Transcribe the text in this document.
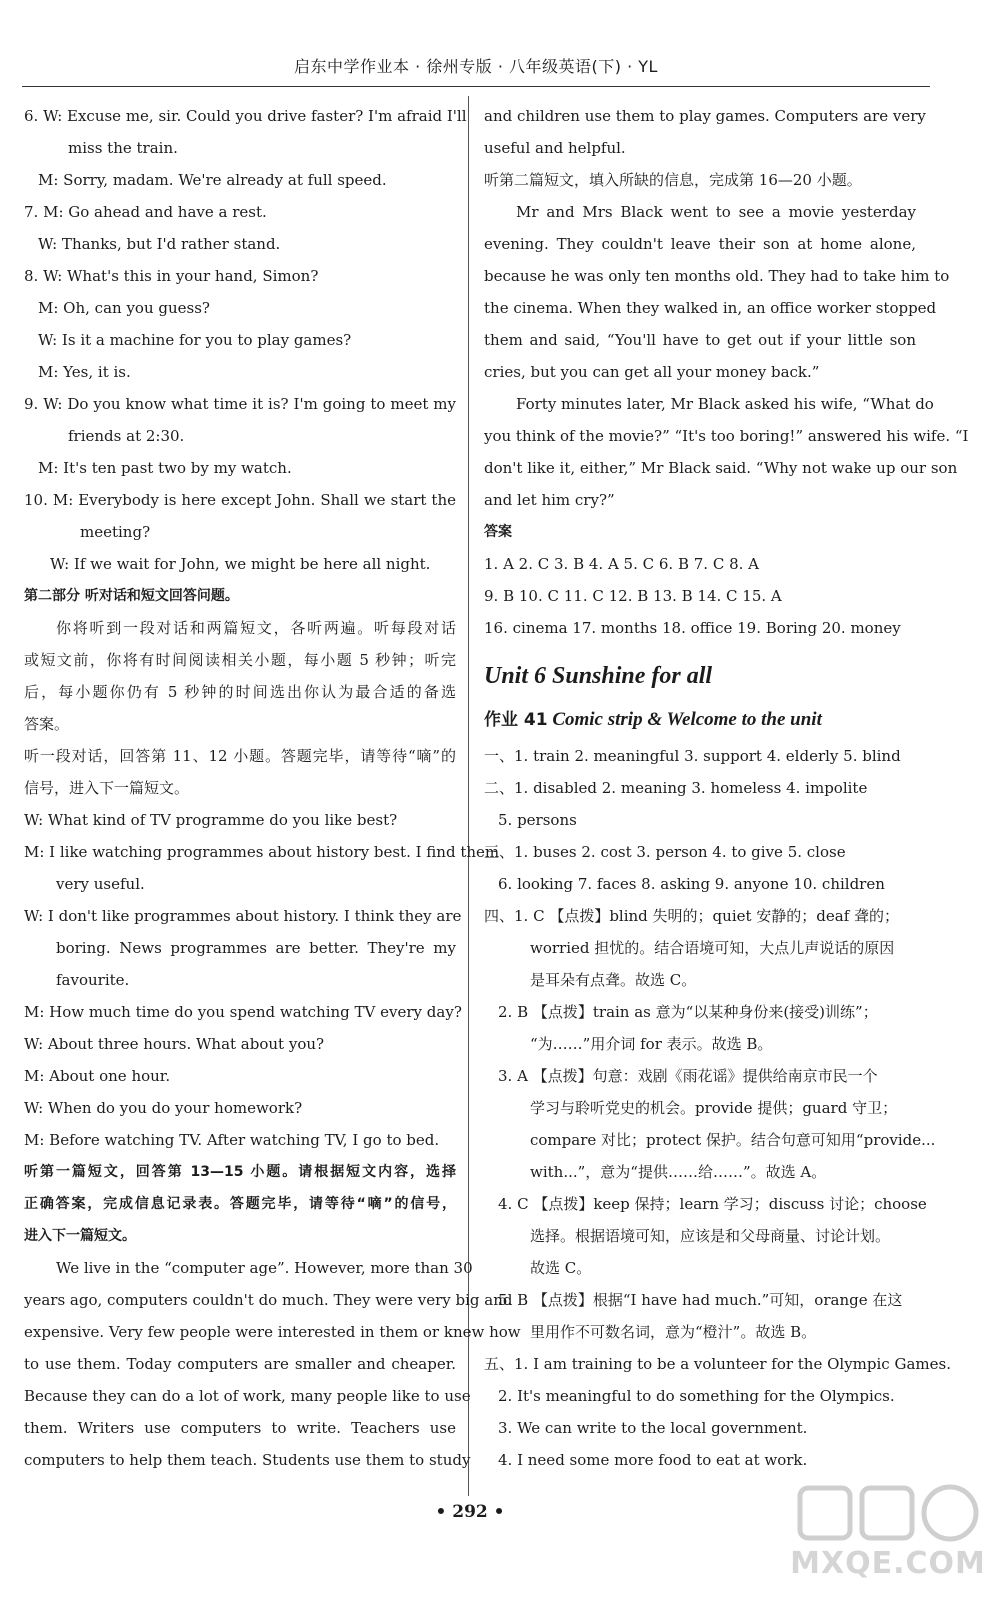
启东中学作业本 · 徐州专版 · 八年级英语(下) · YL
6. W: Excuse me, sir. Could you drive faster? I'm afraid I'll
miss the train.
M: Sorry, madam. We're already at full speed.
7. M: Go ahead and have a rest.
W: Thanks, but I'd rather stand.
8. W: What's this in your hand, Simon?
M: Oh, can you guess?
W: Is it a machine for you to play games?
M: Yes, it is.
9. W: Do you know what time it is? I'm going to meet my
friends at 2:30.
M: It's ten past two by my watch.
10. M: Everybody is here except John. Shall we start the
meeting?
W: If we wait for John, we might be here all night.
第二部分 听对话和短文回答问题。
你将听到一段对话和两篇短文，各听两遍。听每段对话
或短文前，你将有时间阅读相关小题，每小题 5 秒钟；听完
后，每小题你仍有 5 秒钟的时间选出你认为最合适的备选
答案。
听一段对话，回答第 11、12 小题。答题完毕，请等待“嘀”的
信号，进入下一篇短文。
W: What kind of TV programme do you like best?
M: I like watching programmes about history best. I find them
very useful.
W: I don't like programmes about history. I think they are
boring. News programmes are better. They're my
favourite.
M: How much time do you spend watching TV every day?
W: About three hours. What about you?
M: About one hour.
W: When do you do your homework?
M: Before watching TV. After watching TV, I go to bed.
听第一篇短文，回答第 13—15 小题。请根据短文内容，选择
正确答案，完成信息记录表。答题完毕，请等待“嘀”的信号，
进入下一篇短文。
We live in the “computer age”. However, more than 30
years ago, computers couldn't do much. They were very big and
expensive. Very few people were interested in them or knew how
to use them. Today computers are smaller and cheaper.
Because they can do a lot of work, many people like to use
them. Writers use computers to write. Teachers use
computers to help them teach. Students use them to study
and children use them to play games. Computers are very
useful and helpful.
听第二篇短文，填入所缺的信息，完成第 16—20 小题。
Mr and Mrs Black went to see a movie yesterday
evening. They couldn't leave their son at home alone,
because he was only ten months old. They had to take him to
the cinema. When they walked in, an office worker stopped
them and said, “You'll have to get out if your little son
cries, but you can get all your money back.”
Forty minutes later, Mr Black asked his wife, “What do
you think of the movie?” “It's too boring!” answered his wife. “I
don't like it, either,” Mr Black said. “Why not wake up our son
and let him cry?”
答案
1. A 2. C 3. B 4. A 5. C 6. B 7. C 8. A
9. B 10. C 11. C 12. B 13. B 14. C 15. A
16. cinema 17. months 18. office 19. Boring 20. money
Unit 6 Sunshine for all
作业 41 Comic strip & Welcome to the unit
一、1. train 2. meaningful 3. support 4. elderly 5. blind
二、1. disabled 2. meaning 3. homeless 4. impolite
5. persons
三、1. buses 2. cost 3. person 4. to give 5. close
6. looking 7. faces 8. asking 9. anyone 10. children
四、1. C 【点拨】blind 失明的；quiet 安静的；deaf 聋的；
worried 担忧的。结合语境可知，大点儿声说话的原因
是耳朵有点聋。故选 C。
2. B 【点拨】train as 意为“以某种身份来(接受)训练”；
“为……”用介词 for 表示。故选 B。
3. A 【点拨】句意：戏剧《雨花谣》提供给南京市民一个
学习与聆听党史的机会。provide 提供；guard 守卫；
compare 对比；protect 保护。结合句意可知用“provide...
with...”，意为“提供……给……”。故选 A。
4. C 【点拨】keep 保持；learn 学习；discuss 讨论；choose
选择。根据语境可知，应该是和父母商量、讨论计划。
故选 C。
5. B 【点拨】根据“I have had much.”可知，orange 在这
里用作不可数名词，意为“橙汁”。故选 B。
五、1. I am training to be a volunteer for the Olympic Games.
2. It's meaningful to do something for the Olympics.
3. We can write to the local government.
4. I need some more food to eat at work.
• 292 •
MXQE.COM
